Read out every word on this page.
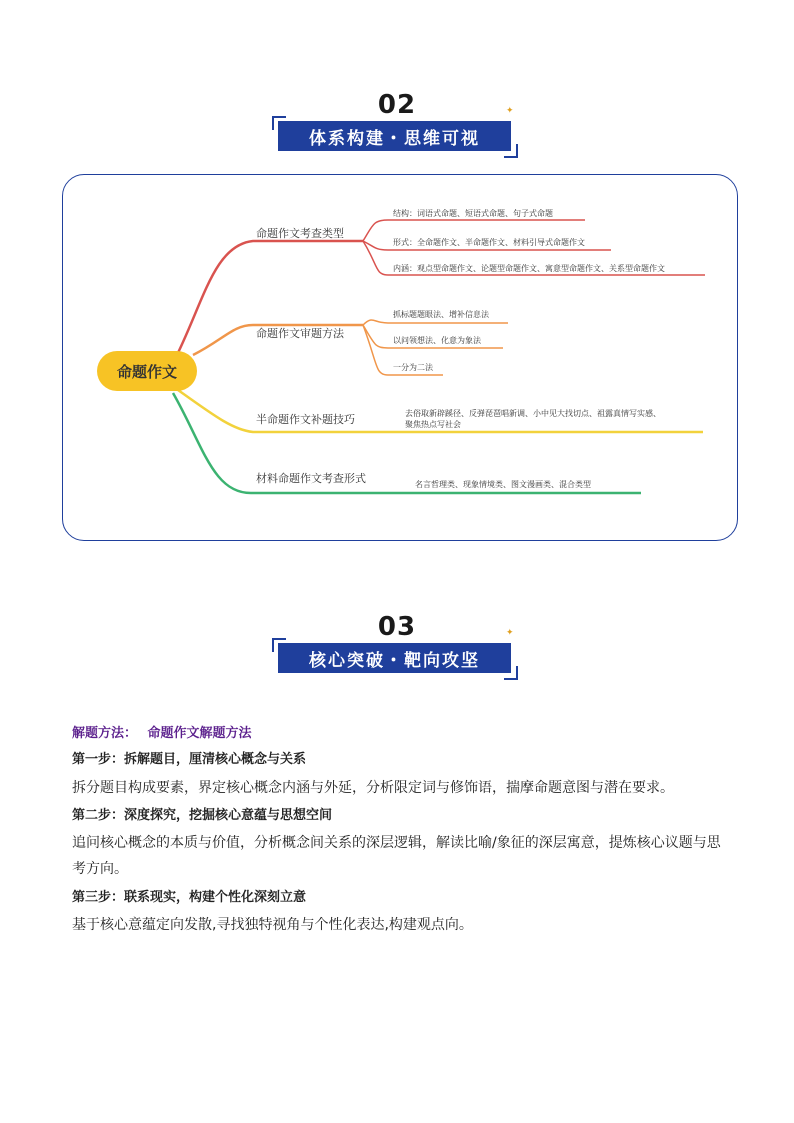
02
体系构建・思维可视
✦
命题作文
命题作文考查类型
命题作文审题方法
半命题作文补题技巧
材料命题作文考查形式
结构：词语式命题、短语式命题、句子式命题
形式：全命题作文、半命题作文、材料引导式命题作文
内涵：观点型命题作文、论题型命题作文、寓意型命题作文、关系型命题作文
抓标题题眼法、增补信息法
以问领想法、化意为象法
一分为二法
去俗取新辟蹊径、反弹琵琶唱新调、小中见大找切点、祖露真情写实感、
聚焦热点写社会
名言哲理类、现象情境类、图文漫画类、混合类型
03
核心突破・靶向攻坚
✦
解题方法： 命题作文解题方法
第一步：拆解题目，厘清核心概念与关系
拆分题目构成要素，界定核心概念内涵与外延，分析限定词与修饰语，揣摩命题意图与潜在要求。
第二步：深度探究，挖掘核心意蕴与思想空间
追问核心概念的本质与价值，分析概念间关系的深层逻辑，解读比喻/象征的深层寓意，提炼核心议题与思
考方向。
第三步：联系现实，构建个性化深刻立意
基于核心意蕴定向发散,寻找独特视角与个性化表达,构建观点向。
